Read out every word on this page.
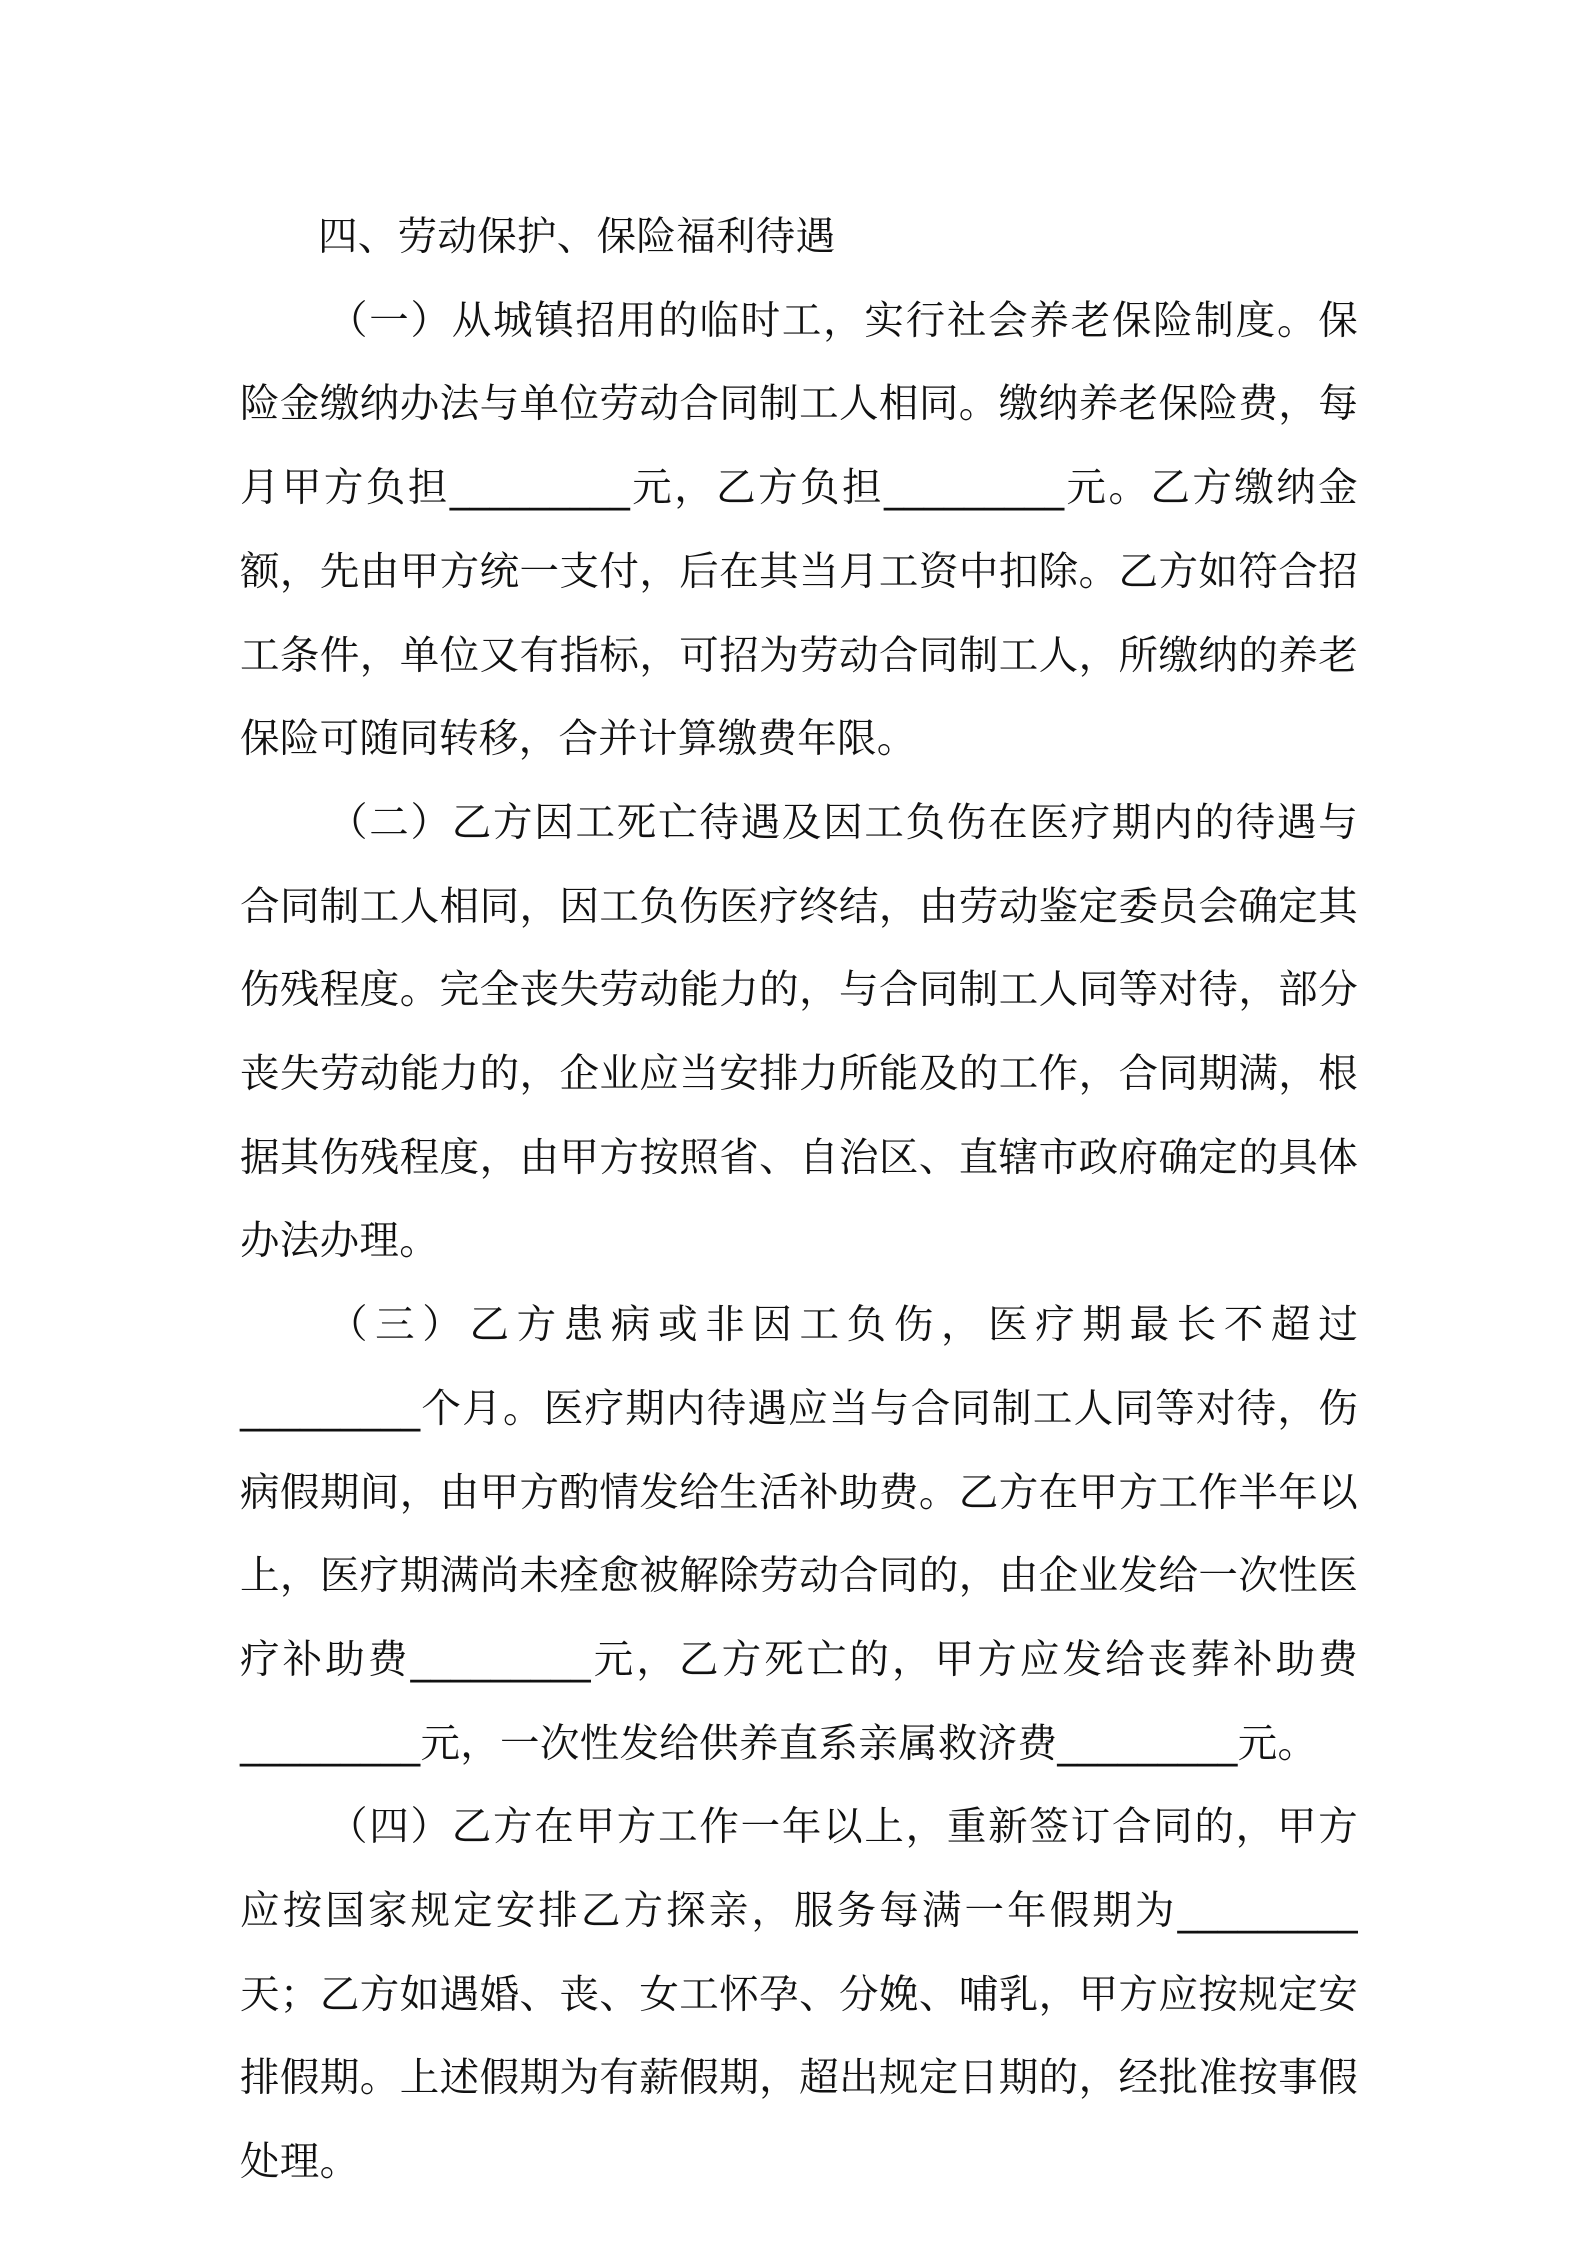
四、劳动保护、保险福利待遇

（一）从城镇招用的临时工，实行社会养老保险制度。保险金缴纳办法与单位劳动合同制工人相同。缴纳养老保险费，每月甲方负担_________元，乙方负担_________元。乙方缴纳金额，先由甲方统一支付，后在其当月工资中扣除。乙方如符合招工条件，单位又有指标，可招为劳动合同制工人，所缴纳的养老保险可随同转移，合并计算缴费年限。

（二）乙方因工死亡待遇及因工负伤在医疗期内的待遇与合同制工人相同，因工负伤医疗终结，由劳动鉴定委员会确定其伤残程度。完全丧失劳动能力的，与合同制工人同等对待，部分丧失劳动能力的，企业应当安排力所能及的工作，合同期满，根据其伤残程度，由甲方按照省、自治区、直辖市政府确定的具体办法办理。

（三）乙方患病或非因工负伤，医疗期最长不超过_________个月。医疗期内待遇应当与合同制工人同等对待，伤病假期间，由甲方酌情发给生活补助费。乙方在甲方工作半年以上，医疗期满尚未痊愈被解除劳动合同的，由企业发给一次性医疗补助费_________元，乙方死亡的，甲方应发给丧葬补助费_________元，一次性发给供养直系亲属救济费_________元。

（四）乙方在甲方工作一年以上，重新签订合同的，甲方应按国家规定安排乙方探亲，服务每满一年假期为_________天；乙方如遇婚、丧、女工怀孕、分娩、哺乳，甲方应按规定安排假期。上述假期为有薪假期，超出规定日期的，经批准按事假处理。
